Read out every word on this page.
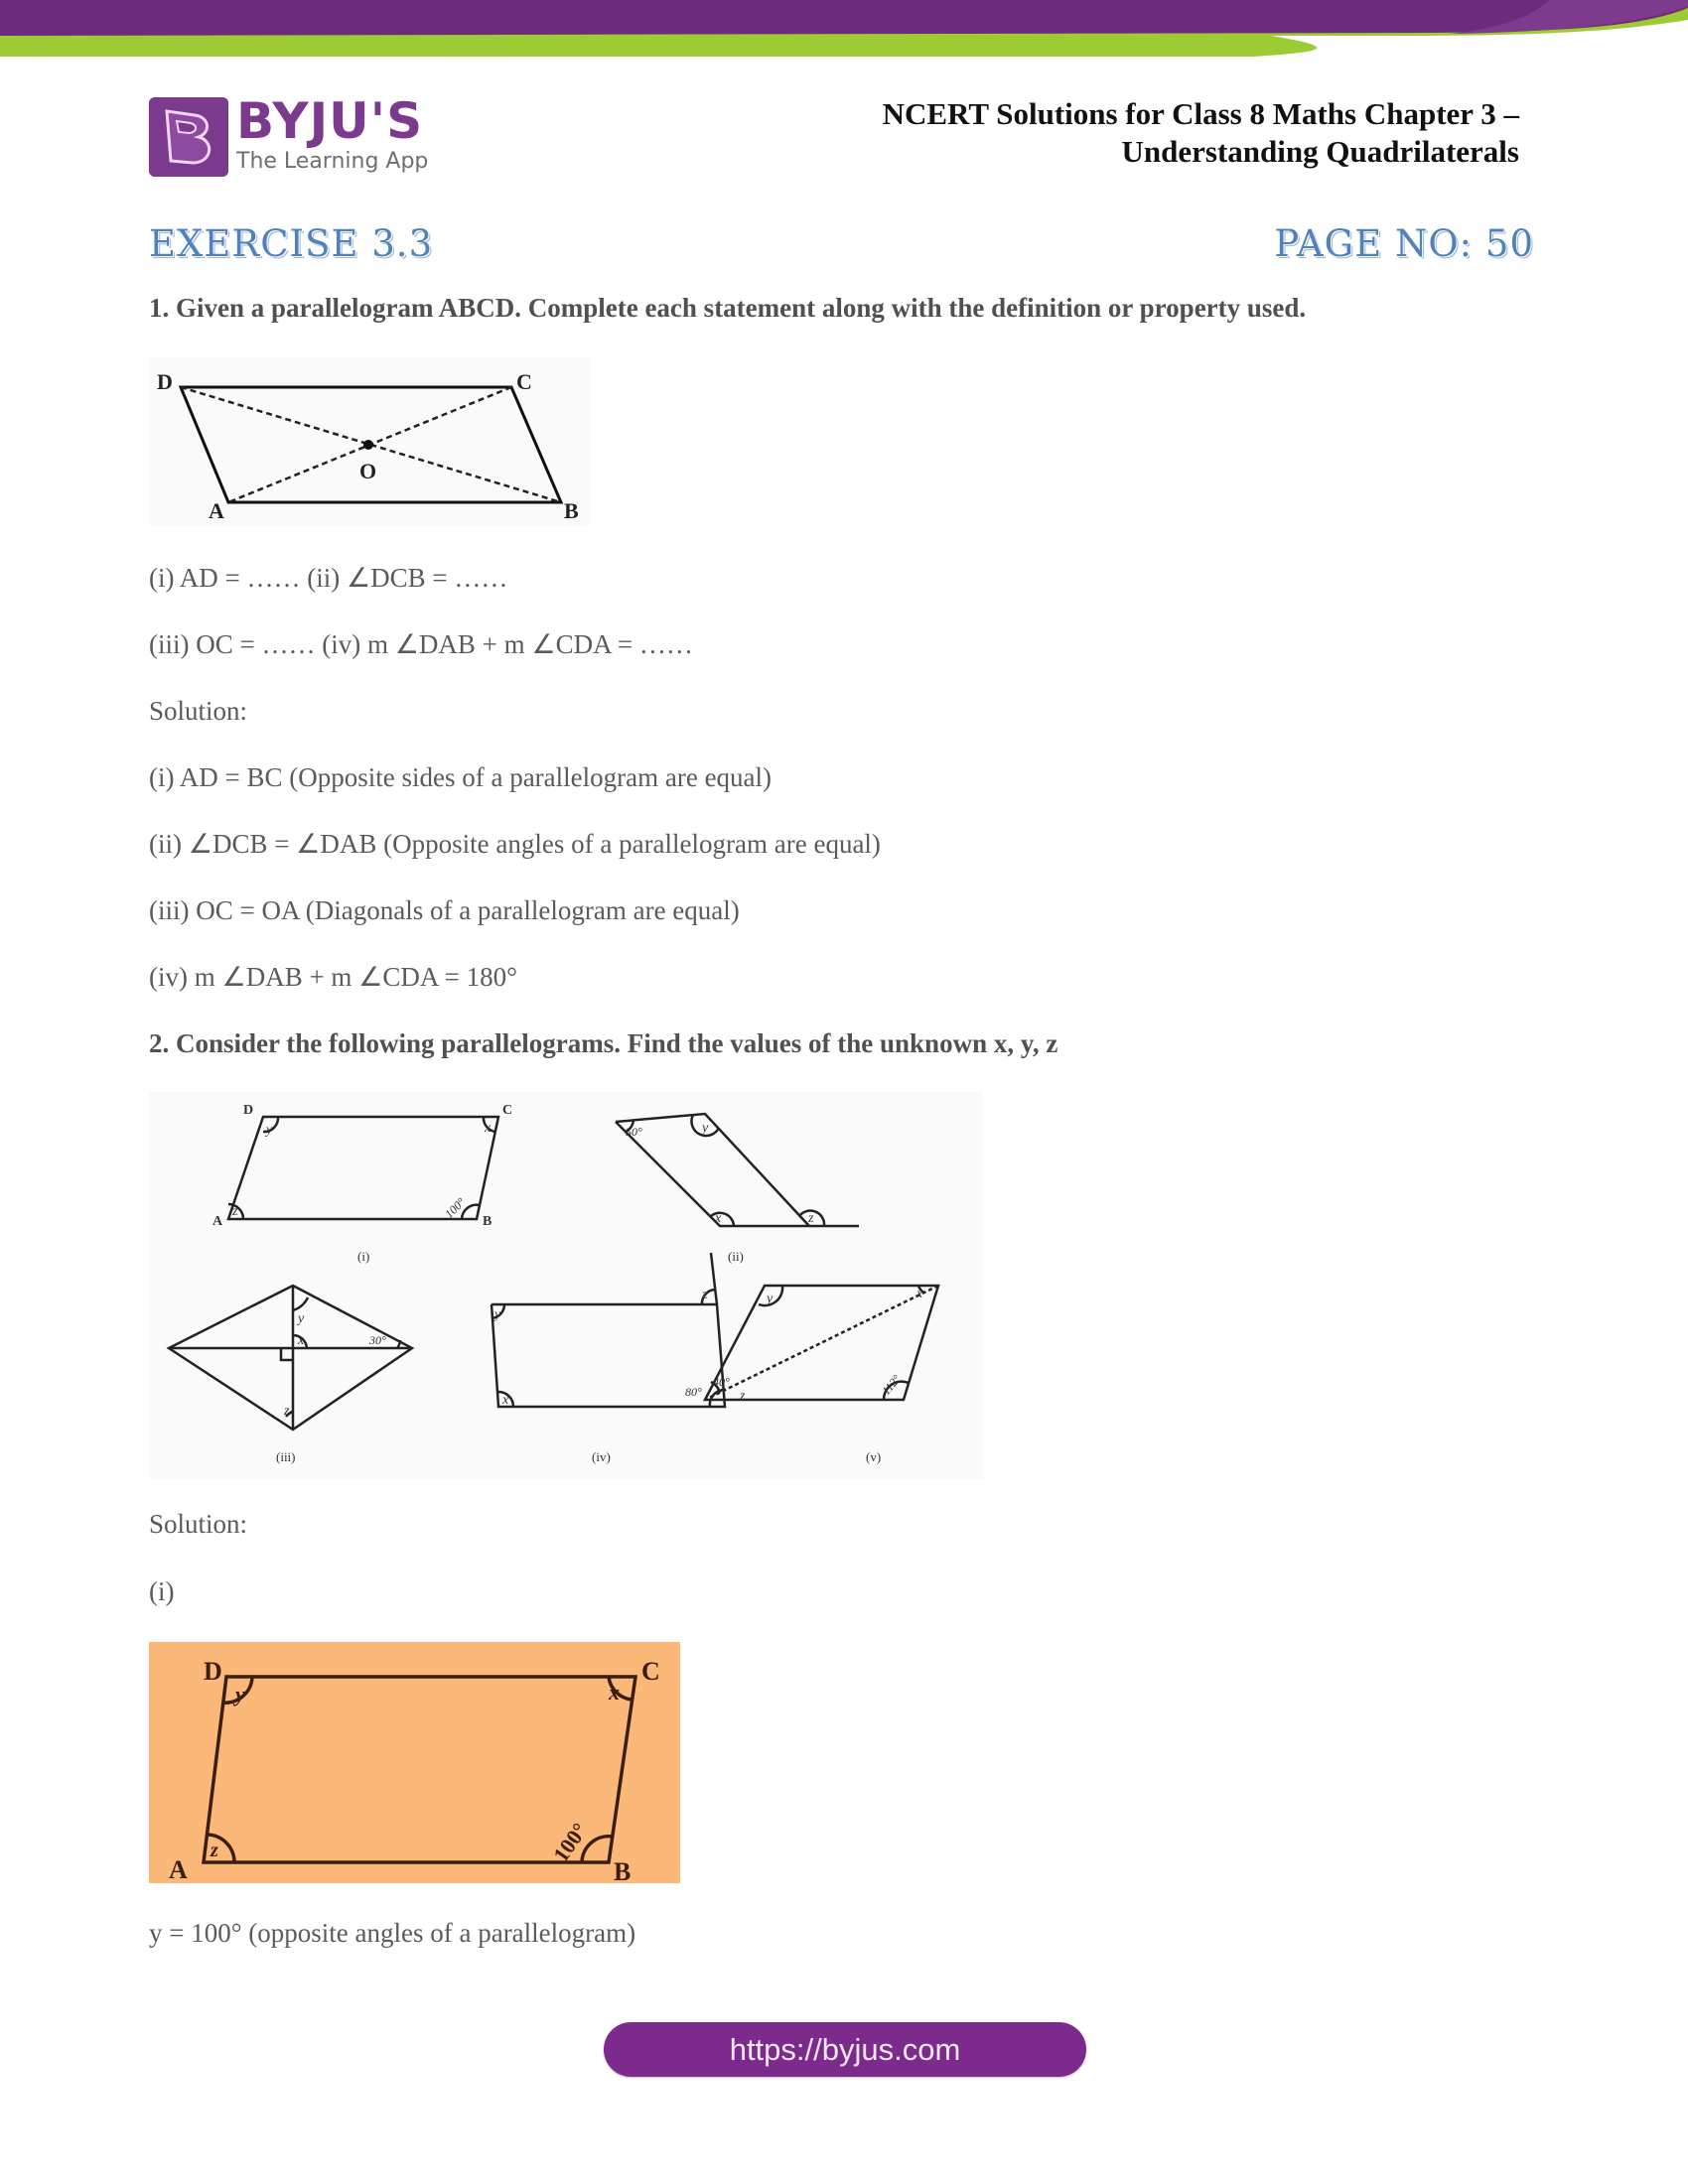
BYJU'S
The Learning App
NCERT Solutions for Class 8 Maths Chapter 3 –
Understanding Quadrilaterals
EXERCISE 3.3	PAGE NO: 50
1. Given a parallelogram ABCD. Complete each statement along with the definition or property used.
D	C
A	B
O
(i) AD = …… (ii) ∠DCB = ……
(iii) OC = …… (iv) m ∠DAB + m ∠CDA = ……
Solution:
(i) AD = BC (Opposite sides of a parallelogram are equal)
(ii) ∠DCB = ∠DAB (Opposite angles of a parallelogram are equal)
(iii) OC = OA (Diagonals of a parallelogram are equal)
(iv) m ∠DAB + m ∠CDA = 180°
2. Consider the following parallelograms. Find the values of the unknown x, y, z
D	C
A	B
y	x
z	100°
(i)
50°	y
x	z
(ii)
y
x	30°
z
(iii)
y
z
x
80°
(iv)
y	x
40°
z	112°
(v)
Solution:
(i)
D	C
A	B
y	x
z	100°
y = 100° (opposite angles of a parallelogram)
https://byjus.com
